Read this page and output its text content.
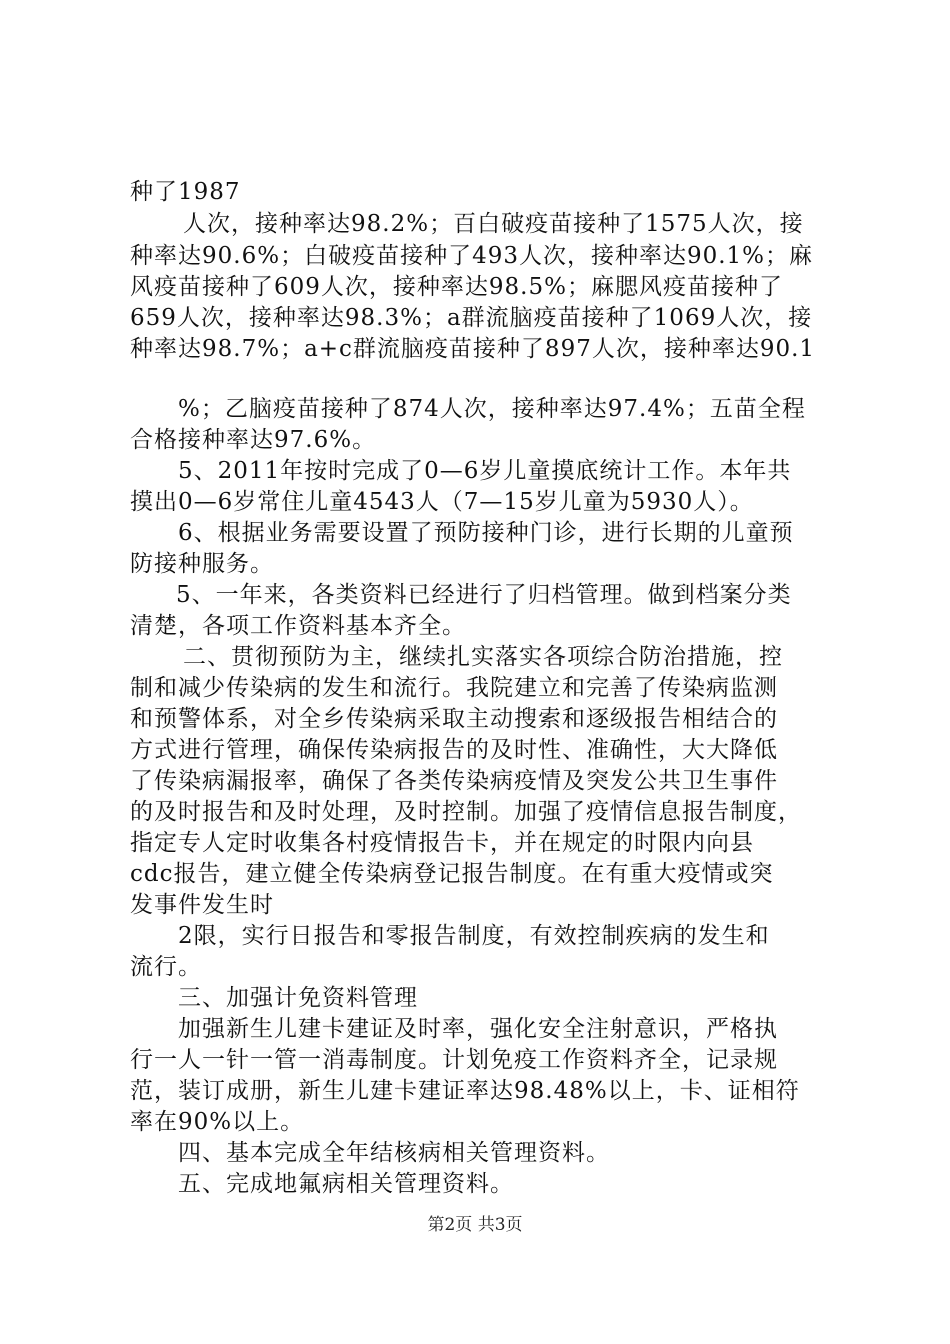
种了1987
人次，接种率达98.2%；百白破疫苗接种了1575人次，接
种率达90.6%；白破疫苗接种了493人次，接种率达90.1%；麻
风疫苗接种了609人次，接种率达98.5%；麻腮风疫苗接种了
659人次，接种率达98.3%；a群流脑疫苗接种了1069人次，接
种率达98.7%；a+c群流脑疫苗接种了897人次，接种率达90.1
%；乙脑疫苗接种了874人次，接种率达97.4%；五苗全程
合格接种率达97.6%。
5、2011年按时完成了0—6岁儿童摸底统计工作。本年共
摸出0—6岁常住儿童4543人（7—15岁儿童为5930人）。
6、根据业务需要设置了预防接种门诊，进行长期的儿童预
防接种服务。
5、一年来，各类资料已经进行了归档管理。做到档案分类
清楚，各项工作资料基本齐全。
二、贯彻预防为主，继续扎实落实各项综合防治措施，控
制和减少传染病的发生和流行。我院建立和完善了传染病监测
和预警体系，对全乡传染病采取主动搜索和逐级报告相结合的
方式进行管理，确保传染病报告的及时性、准确性，大大降低
了传染病漏报率，确保了各类传染病疫情及突发公共卫生事件
的及时报告和及时处理，及时控制。加强了疫情信息报告制度，
指定专人定时收集各村疫情报告卡，并在规定的时限内向县
cdc报告，建立健全传染病登记报告制度。在有重大疫情或突
发事件发生时
2限，实行日报告和零报告制度，有效控制疾病的发生和
流行。
三、加强计免资料管理
加强新生儿建卡建证及时率，强化安全注射意识，严格执
行一人一针一管一消毒制度。计划免疫工作资料齐全，记录规
范，装订成册，新生儿建卡建证率达98.48%以上，卡、证相符
率在90%以上。
四、基本完成全年结核病相关管理资料。
五、完成地氟病相关管理资料。
第2页 共3页
